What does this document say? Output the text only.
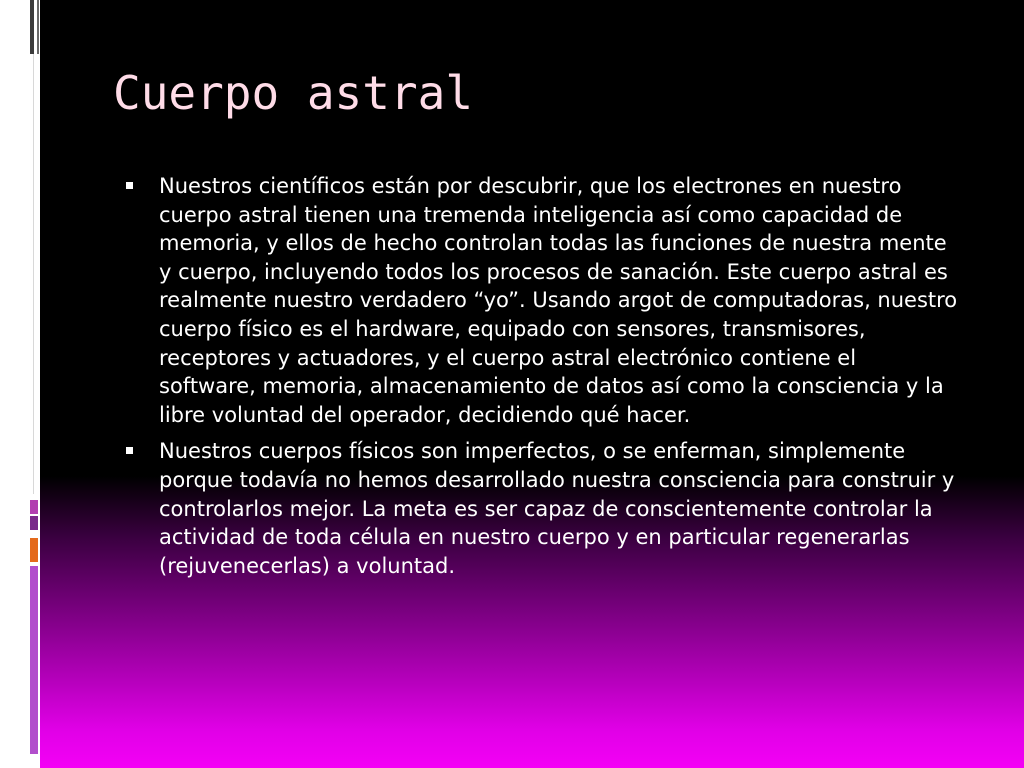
Cuerpo astral
Nuestros científicos están por descubrir, que los electrones en nuestro cuerpo astral tienen una tremenda inteligencia así como capacidad de memoria, y ellos de hecho controlan todas las funciones de nuestra mente y cuerpo, incluyendo todos los procesos de sanación. Este cuerpo astral es realmente nuestro verdadero “yo”. Usando argot de computadoras, nuestro cuerpo físico es el hardware, equipado con sensores, transmisores, receptores y actuadores, y el cuerpo astral electrónico contiene el software, memoria, almacenamiento de datos así como la consciencia y la libre voluntad del operador, decidiendo qué hacer.
Nuestros cuerpos físicos son imperfectos, o se enferman, simplemente porque todavía no hemos desarrollado nuestra consciencia para construir y controlarlos mejor. La meta es ser capaz de conscientemente controlar la actividad de toda célula en nuestro cuerpo y en particular regenerarlas (rejuvenecerlas) a voluntad.
